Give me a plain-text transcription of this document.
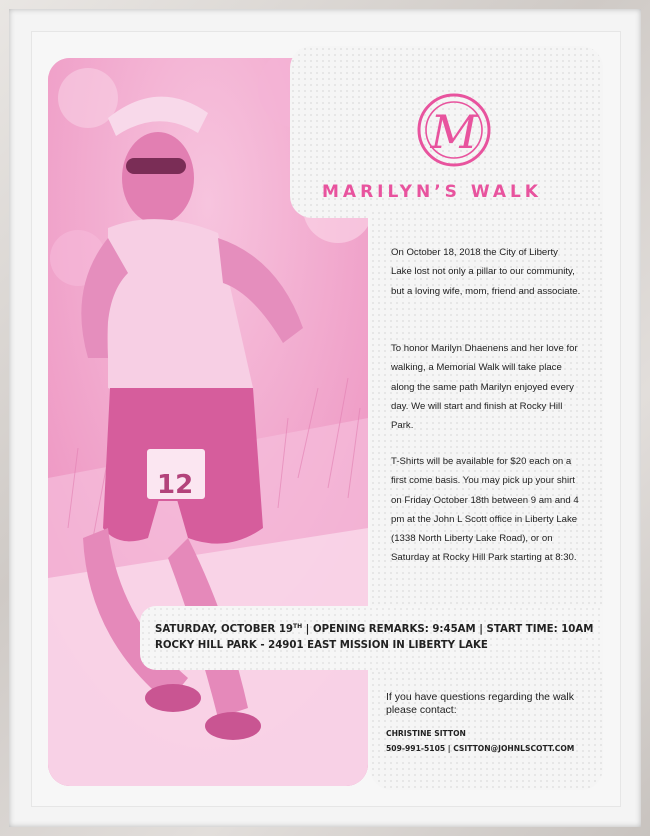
12
M
MARILYN’S WALK
On October 18, 2018 the City of Liberty Lake lost not only a pillar to our community, but a loving wife, mom, friend and associate.
To honor Marilyn Dhaenens and her love for walking, a Memorial Walk will take place along the same path Marilyn enjoyed every day. We will start and finish at Rocky Hill Park.
T-Shirts will be available for $20 each on a first come basis. You may pick up your shirt on Friday October 18th between 9 am and 4 pm at the John L Scott office in Liberty Lake (1338 North Liberty Lake Road), or on Saturday at Rocky Hill Park starting at 8:30.
SATURDAY, OCTOBER 19TH | OPENING REMARKS: 9:45AM | START TIME: 10AM
ROCKY HILL PARK - 24901 EAST MISSION IN LIBERTY LAKE
If you have questions regarding the walk please contact:
CHRISTINE SITTON
509-991-5105 | CSITTON@JOHNLSCOTT.COM
